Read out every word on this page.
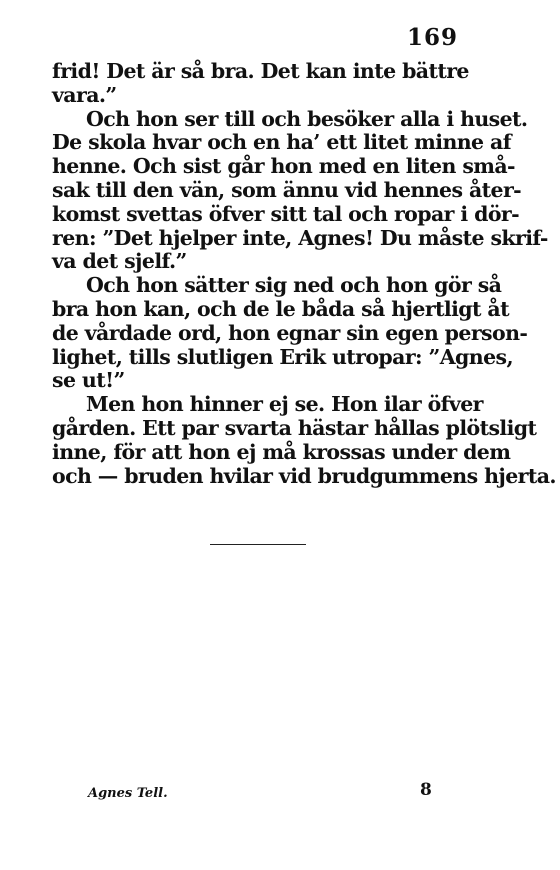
169
frid! Det är så bra. Det kan inte bättre
vara.”
Och hon ser till och besöker alla i huset.
De skola hvar och en ha’ ett litet minne af
henne. Och sist går hon med en liten små-
sak till den vän, som ännu vid hennes åter-
komst svettas öfver sitt tal och ropar i dör-
ren: ”Det hjelper inte, Agnes! Du måste skrif-
va det sjelf.”
Och hon sätter sig ned och hon gör så
bra hon kan, och de le båda så hjertligt åt
de vårdade ord, hon egnar sin egen person-
lighet, tills slutligen Erik utropar: ”Agnes,
se ut!”
Men hon hinner ej se. Hon ilar öfver
gården. Ett par svarta hästar hållas plötsligt
inne, för att hon ej må krossas under dem
och — bruden hvilar vid brudgummens hjerta.
Agnes Tell.	8
